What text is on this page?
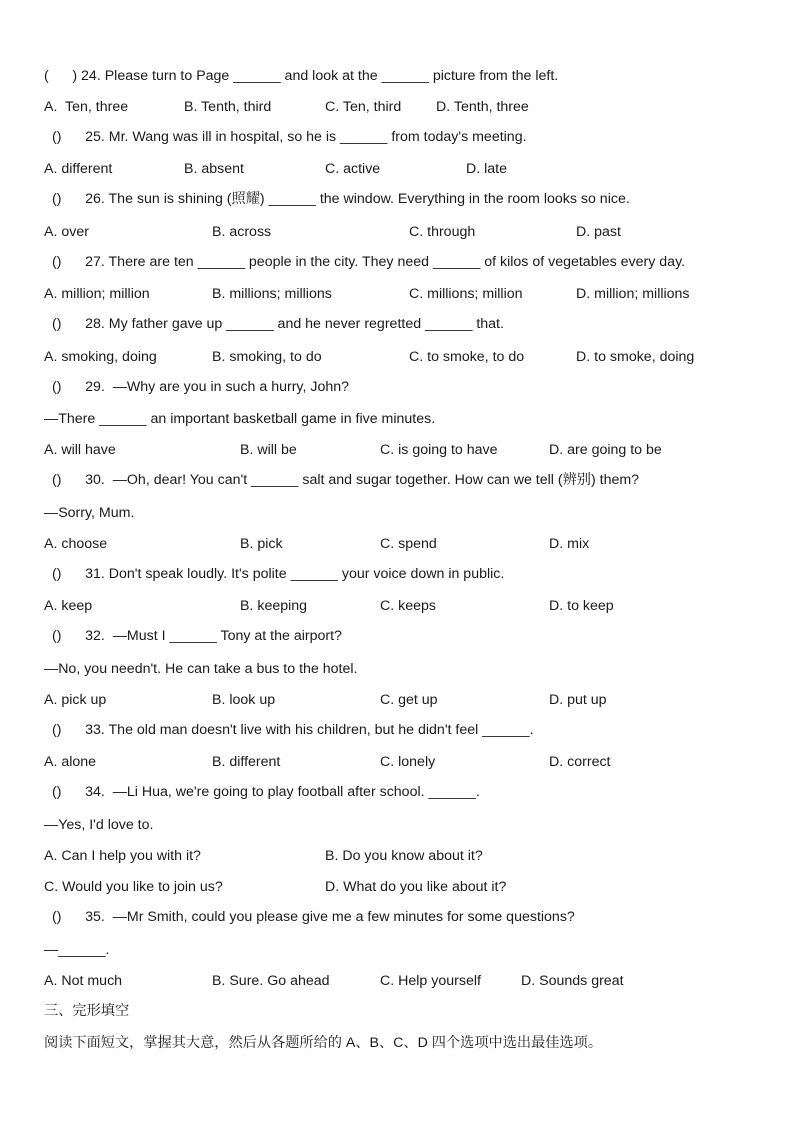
(      ) 24. Please turn to Page ______ and look at the ______ picture from the left.
A.  Ten, three	B. Tenth, third	C. Ten, third D. Tenth, three
()      25. Mr. Wang was ill in hospital, so he is ______ from today's meeting.
A. different	B. absent	C. active	D. late
()      26. The sun is shining (照耀) ______ the window. Everything in the room looks so nice.
A. over	B. across	C. through	D. past
()      27. There are ten ______ people in the city. They need ______ of kilos of vegetables every day.
A. million; million	B. millions; millions	C. millions; million	D. million; millions
()      28. My father gave up ______ and he never regretted ______ that.
A. smoking, doing	B. smoking, to do	C. to smoke, to do	D. to smoke, doing
()      29.  —Why are you in such a hurry, John?
—There ______ an important basketball game in five minutes.
A. will have	B. will be	C. is going to have	D. are going to be
()      30.  —Oh, dear! You can't ______ salt and sugar together. How can we tell (辨别) them?
—Sorry, Mum.
A. choose	B. pick	C. spend	D. mix
()      31. Don't speak loudly. It's polite ______ your voice down in public.
A. keep	B. keeping	C. keeps	D. to keep
()      32.  —Must I ______ Tony at the airport?
—No, you needn't. He can take a bus to the hotel.
A. pick up	B. look up	C. get up	D. put up
()      33. The old man doesn't live with his children, but he didn't feel ______.
A. alone	B. different	C. lonely	D. correct
()      34.  —Li Hua, we're going to play football after school. ______.
—Yes, I'd love to.
A. Can I help you with it?	B. Do you know about it?
C. Would you like to join us?	D. What do you like about it?
()      35.  —Mr Smith, could you please give me a few minutes for some questions?
—______.
A. Not much	B. Sure. Go ahead	C. Help yourself	D. Sounds great
三、完形填空
阅读下面短文，掌握其大意，然后从各题所给的 A、B、C、D 四个选项中选出最佳选项。
